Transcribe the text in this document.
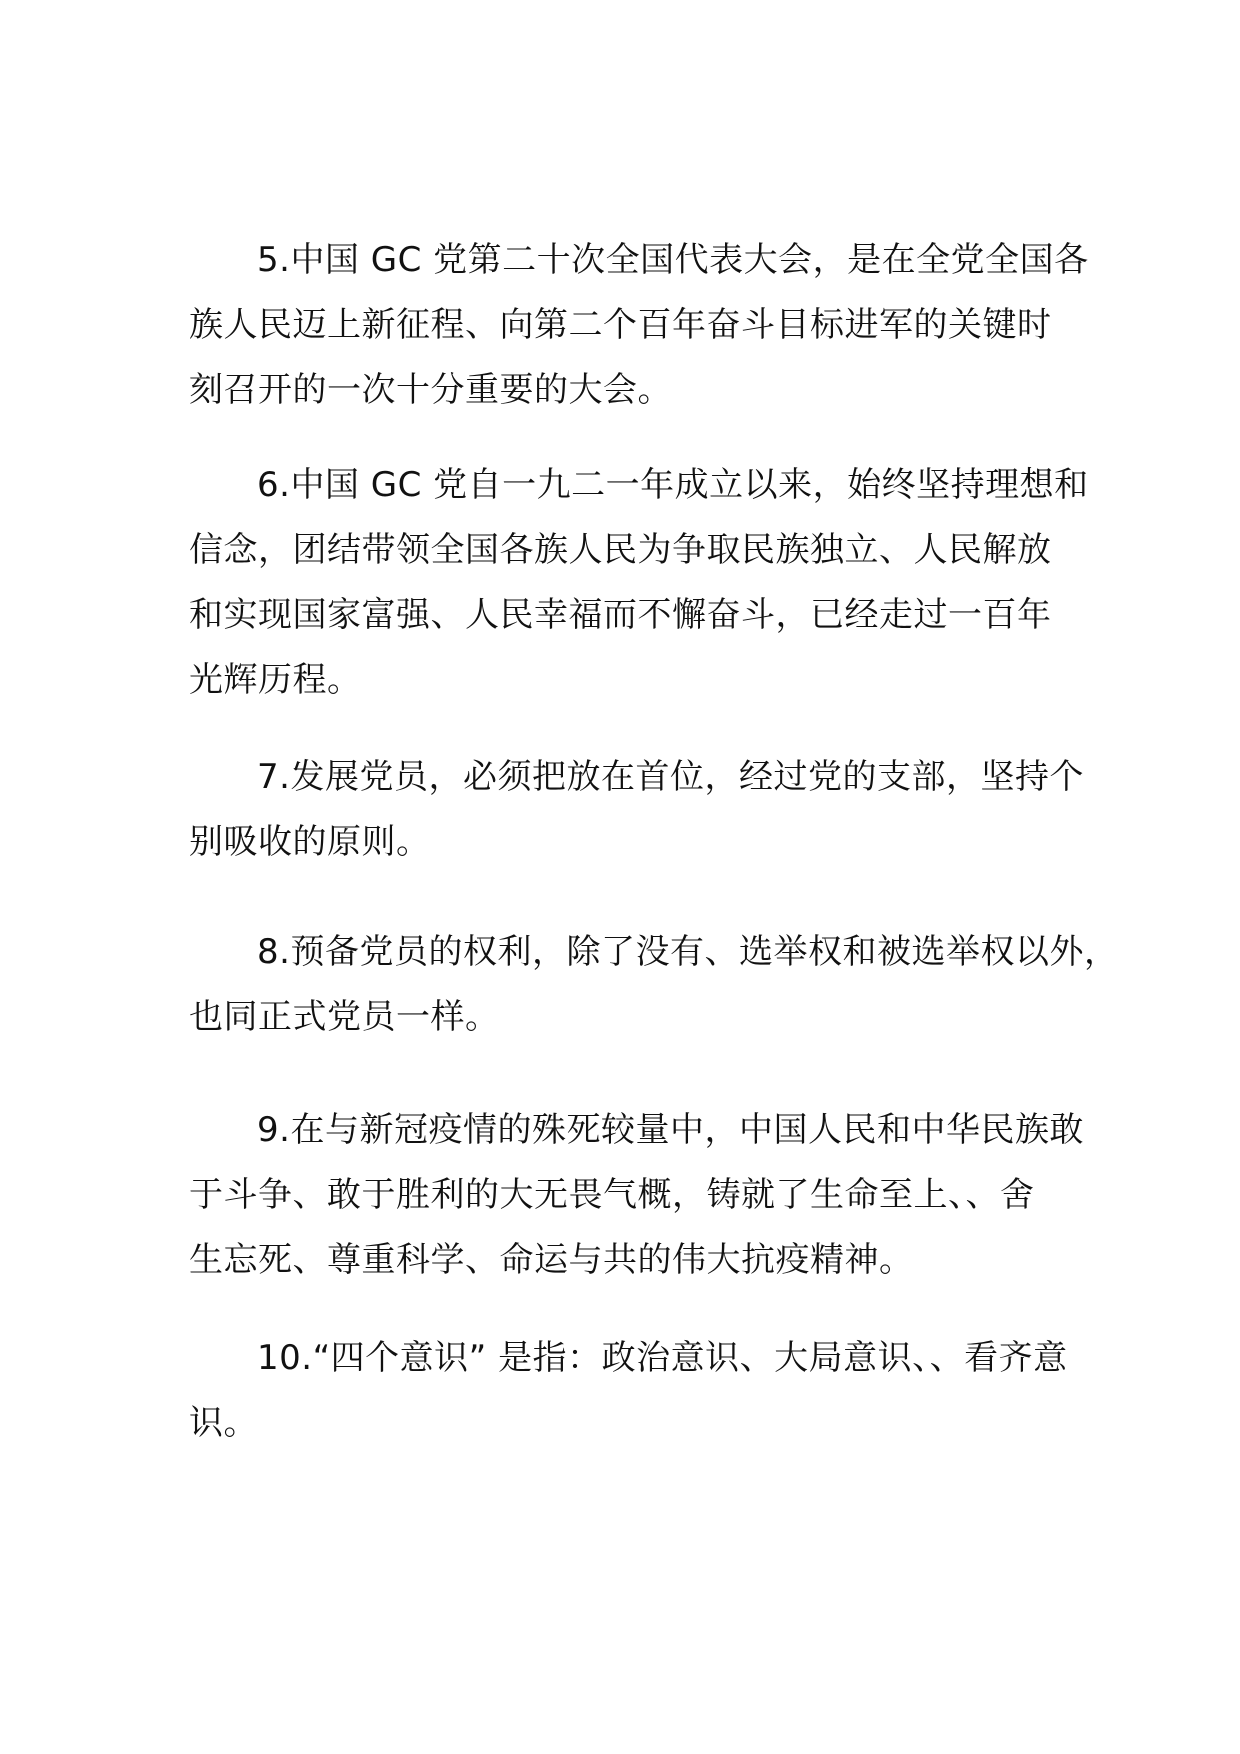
5.中国 GC 党第二十次全国代表大会，是在全党全国各
族人民迈上新征程、向第二个百年奋斗目标进军的关键时
刻召开的一次十分重要的大会。

6.中国 GC 党自一九二一年成立以来，始终坚持理想和
信念，团结带领全国各族人民为争取民族独立、人民解放
和实现国家富强、人民幸福而不懈奋斗，已经走过一百年
光辉历程。

7.发展党员，必须把放在首位，经过党的支部，坚持个
别吸收的原则。

8.预备党员的权利，除了没有、选举权和被选举权以外，
也同正式党员一样。

9.在与新冠疫情的殊死较量中，中国人民和中华民族敢
于斗争、敢于胜利的大无畏气概，铸就了生命至上、、舍
生忘死、尊重科学、命运与共的伟大抗疫精神。

10.“四个意识” 是指：政治意识、大局意识、、看齐意
识。
